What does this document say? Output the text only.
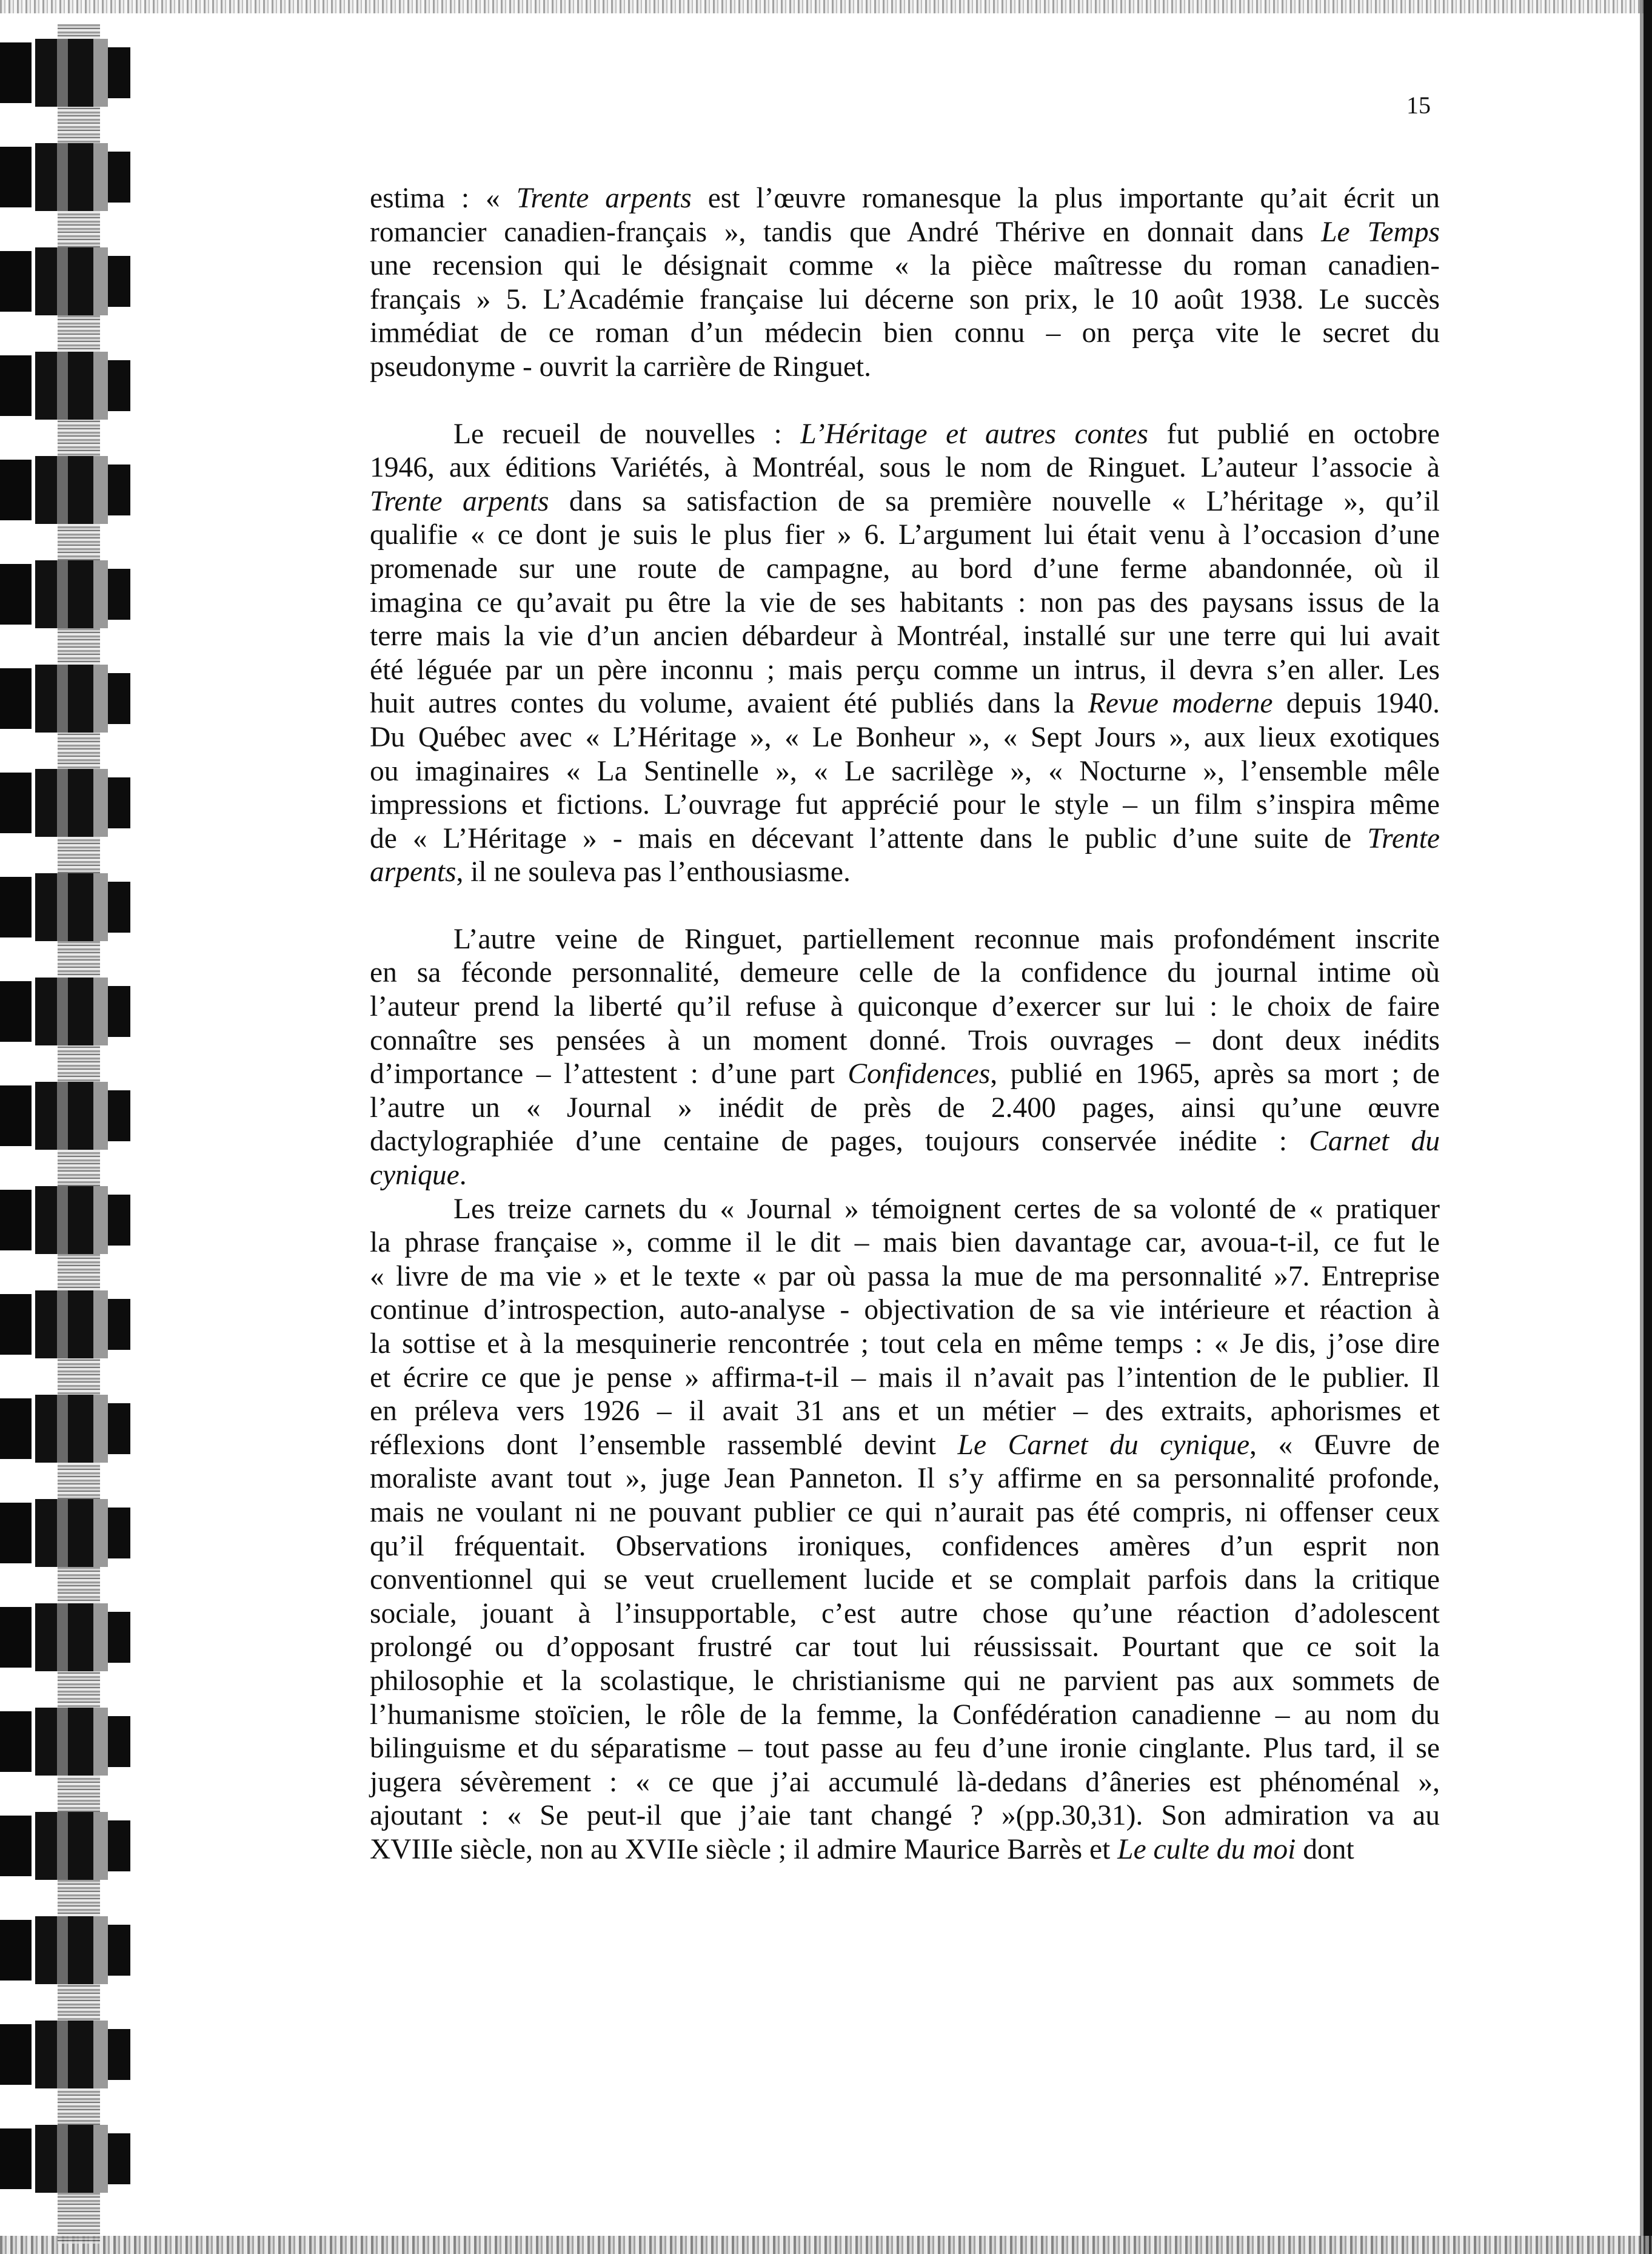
15
estima : « Trente arpents est l’œuvre romanesque la plus importante qu’ait écrit un
romancier canadien-français », tandis que André Thérive en donnait dans Le Temps
une recension qui le désignait comme « la pièce maîtresse du roman canadien-
français » 5. L’Académie française lui décerne son prix, le 10 août 1938. Le succès
immédiat de ce roman d’un médecin bien connu – on perça vite le secret du
pseudonyme - ouvrit la carrière de Ringuet.
Le recueil de nouvelles : L’Héritage et autres contes fut publié en octobre
1946, aux éditions Variétés, à Montréal, sous le nom de Ringuet. L’auteur l’associe à
Trente arpents dans sa satisfaction de sa première nouvelle « L’héritage », qu’il
qualifie « ce dont je suis le plus fier » 6. L’argument lui était venu à l’occasion d’une
promenade sur une route de campagne, au bord d’une ferme abandonnée, où il
imagina ce qu’avait pu être la vie de ses habitants : non pas des paysans issus de la
terre mais la vie d’un ancien débardeur à Montréal, installé sur une terre qui lui avait
été léguée par un père inconnu ; mais perçu comme un intrus, il devra s’en aller. Les
huit autres contes du volume, avaient été publiés dans la Revue moderne depuis 1940.
Du Québec avec « L’Héritage », « Le Bonheur », « Sept Jours », aux lieux exotiques
ou imaginaires « La Sentinelle », « Le sacrilège », « Nocturne », l’ensemble mêle
impressions et fictions. L’ouvrage fut apprécié pour le style – un film s’inspira même
de « L’Héritage » - mais en décevant l’attente dans le public d’une suite de Trente
arpents, il ne souleva pas l’enthousiasme.
L’autre veine de Ringuet, partiellement reconnue mais profondément inscrite
en sa féconde personnalité, demeure celle de la confidence du journal intime où
l’auteur prend la liberté qu’il refuse à quiconque d’exercer sur lui : le choix de faire
connaître ses pensées à un moment donné. Trois ouvrages – dont deux inédits
d’importance – l’attestent : d’une part Confidences, publié en 1965, après sa mort ; de
l’autre un « Journal » inédit de près de 2.400 pages, ainsi qu’une œuvre
dactylographiée d’une centaine de pages, toujours conservée inédite : Carnet du
cynique.
Les treize carnets du « Journal » témoignent certes de sa volonté de « pratiquer
la phrase française », comme il le dit – mais bien davantage car, avoua-t-il, ce fut le
« livre de ma vie » et le texte « par où passa la mue de ma personnalité »7. Entreprise
continue d’introspection, auto-analyse - objectivation de sa vie intérieure et réaction à
la sottise et à la mesquinerie rencontrée ; tout cela en même temps : « Je dis, j’ose dire
et écrire ce que je pense » affirma-t-il – mais il n’avait pas l’intention de le publier. Il
en préleva vers 1926 – il avait 31 ans et un métier – des extraits, aphorismes et
réflexions dont l’ensemble rassemblé devint Le Carnet du cynique, « Œuvre de
moraliste avant tout », juge Jean Panneton. Il s’y affirme en sa personnalité profonde,
mais ne voulant ni ne pouvant publier ce qui n’aurait pas été compris, ni offenser ceux
qu’il fréquentait. Observations ironiques, confidences amères d’un esprit non
conventionnel qui se veut cruellement lucide et se complait parfois dans la critique
sociale, jouant à l’insupportable, c’est autre chose qu’une réaction d’adolescent
prolongé ou d’opposant frustré car tout lui réussissait. Pourtant que ce soit la
philosophie et la scolastique, le christianisme qui ne parvient pas aux sommets de
l’humanisme stoïcien, le rôle de la femme, la Confédération canadienne – au nom du
bilinguisme et du séparatisme – tout passe au feu d’une ironie cinglante. Plus tard, il se
jugera sévèrement : « ce que j’ai accumulé là-dedans d’âneries est phénoménal »,
ajoutant : « Se peut-il que j’aie tant changé ? »(pp.30,31). Son admiration va au
XVIIIe siècle, non au XVIIe siècle ; il admire Maurice Barrès et Le culte du moi dont
